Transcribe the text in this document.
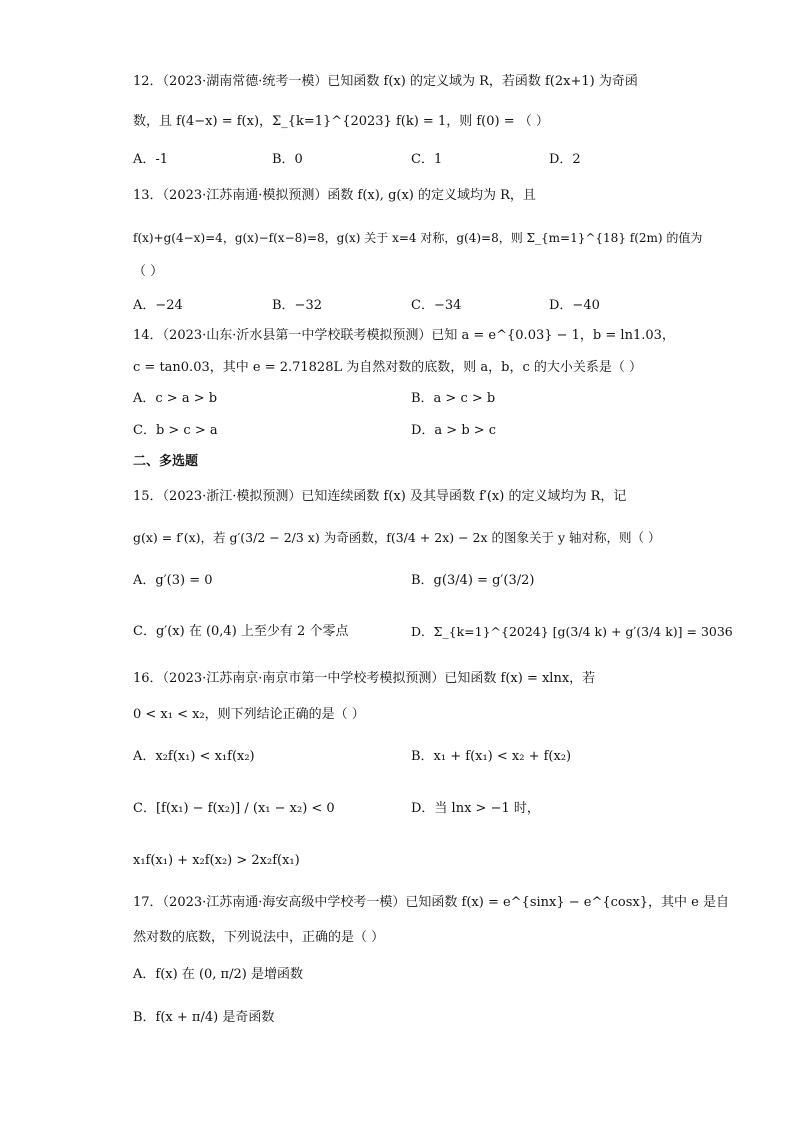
12．（2023·湖南常德·统考一模）已知函数 f(x) 的定义域为 R，若函数 f(2x+1) 为奇函
数，且 f(4−x) = f(x)，Σ_{k=1}^{2023} f(k) = 1，则 f(0) = （ ）
A．-1	B．0	C．1	D．2
13．（2023·江苏南通·模拟预测）函数 f(x), g(x) 的定义域均为 R，且
f(x)+g(4−x)=4，g(x)−f(x−8)=8，g(x) 关于 x=4 对称，g(4)=8，则 Σ_{m=1}^{18} f(2m) 的值为
（ ）
A．−24	B．−32	C．−34	D．−40
14．（2023·山东·沂水县第一中学校联考模拟预测）已知 a = e^{0.03} − 1，b = ln1.03，
c = tan0.03，其中 e = 2.71828L 为自然对数的底数，则 a，b，c 的大小关系是（ ）
A．c > a > b	B．a > c > b
C．b > c > a	D．a > b > c
二、多选题
15．（2023·浙江·模拟预测）已知连续函数 f(x) 及其导函数 f′(x) 的定义域均为 R，记
g(x) = f′(x)，若 g′(3/2 − 2/3 x) 为奇函数，f(3/4 + 2x) − 2x 的图象关于 y 轴对称，则（ ）
A．g′(3) = 0	B．g(3/4) = g′(3/2)
C．g′(x) 在 (0,4) 上至少有 2 个零点	D．Σ_{k=1}^{2024} [g(3/4 k) + g′(3/4 k)] = 3036
16．（2023·江苏南京·南京市第一中学校考模拟预测）已知函数 f(x) = xlnx，若
0 < x₁ < x₂，则下列结论正确的是（ ）
A．x₂f(x₁) < x₁f(x₂)	B．x₁ + f(x₁) < x₂ + f(x₂)
C．[f(x₁) − f(x₂)] / (x₁ − x₂) < 0	D．当 lnx > −1 时，
x₁f(x₁) + x₂f(x₂) > 2x₂f(x₁)
17．（2023·江苏南通·海安高级中学校考一模）已知函数 f(x) = e^{sinx} − e^{cosx}，其中 e 是自
然对数的底数，下列说法中，正确的是（ ）
A．f(x) 在 (0, π/2) 是增函数
B．f(x + π/4) 是奇函数
